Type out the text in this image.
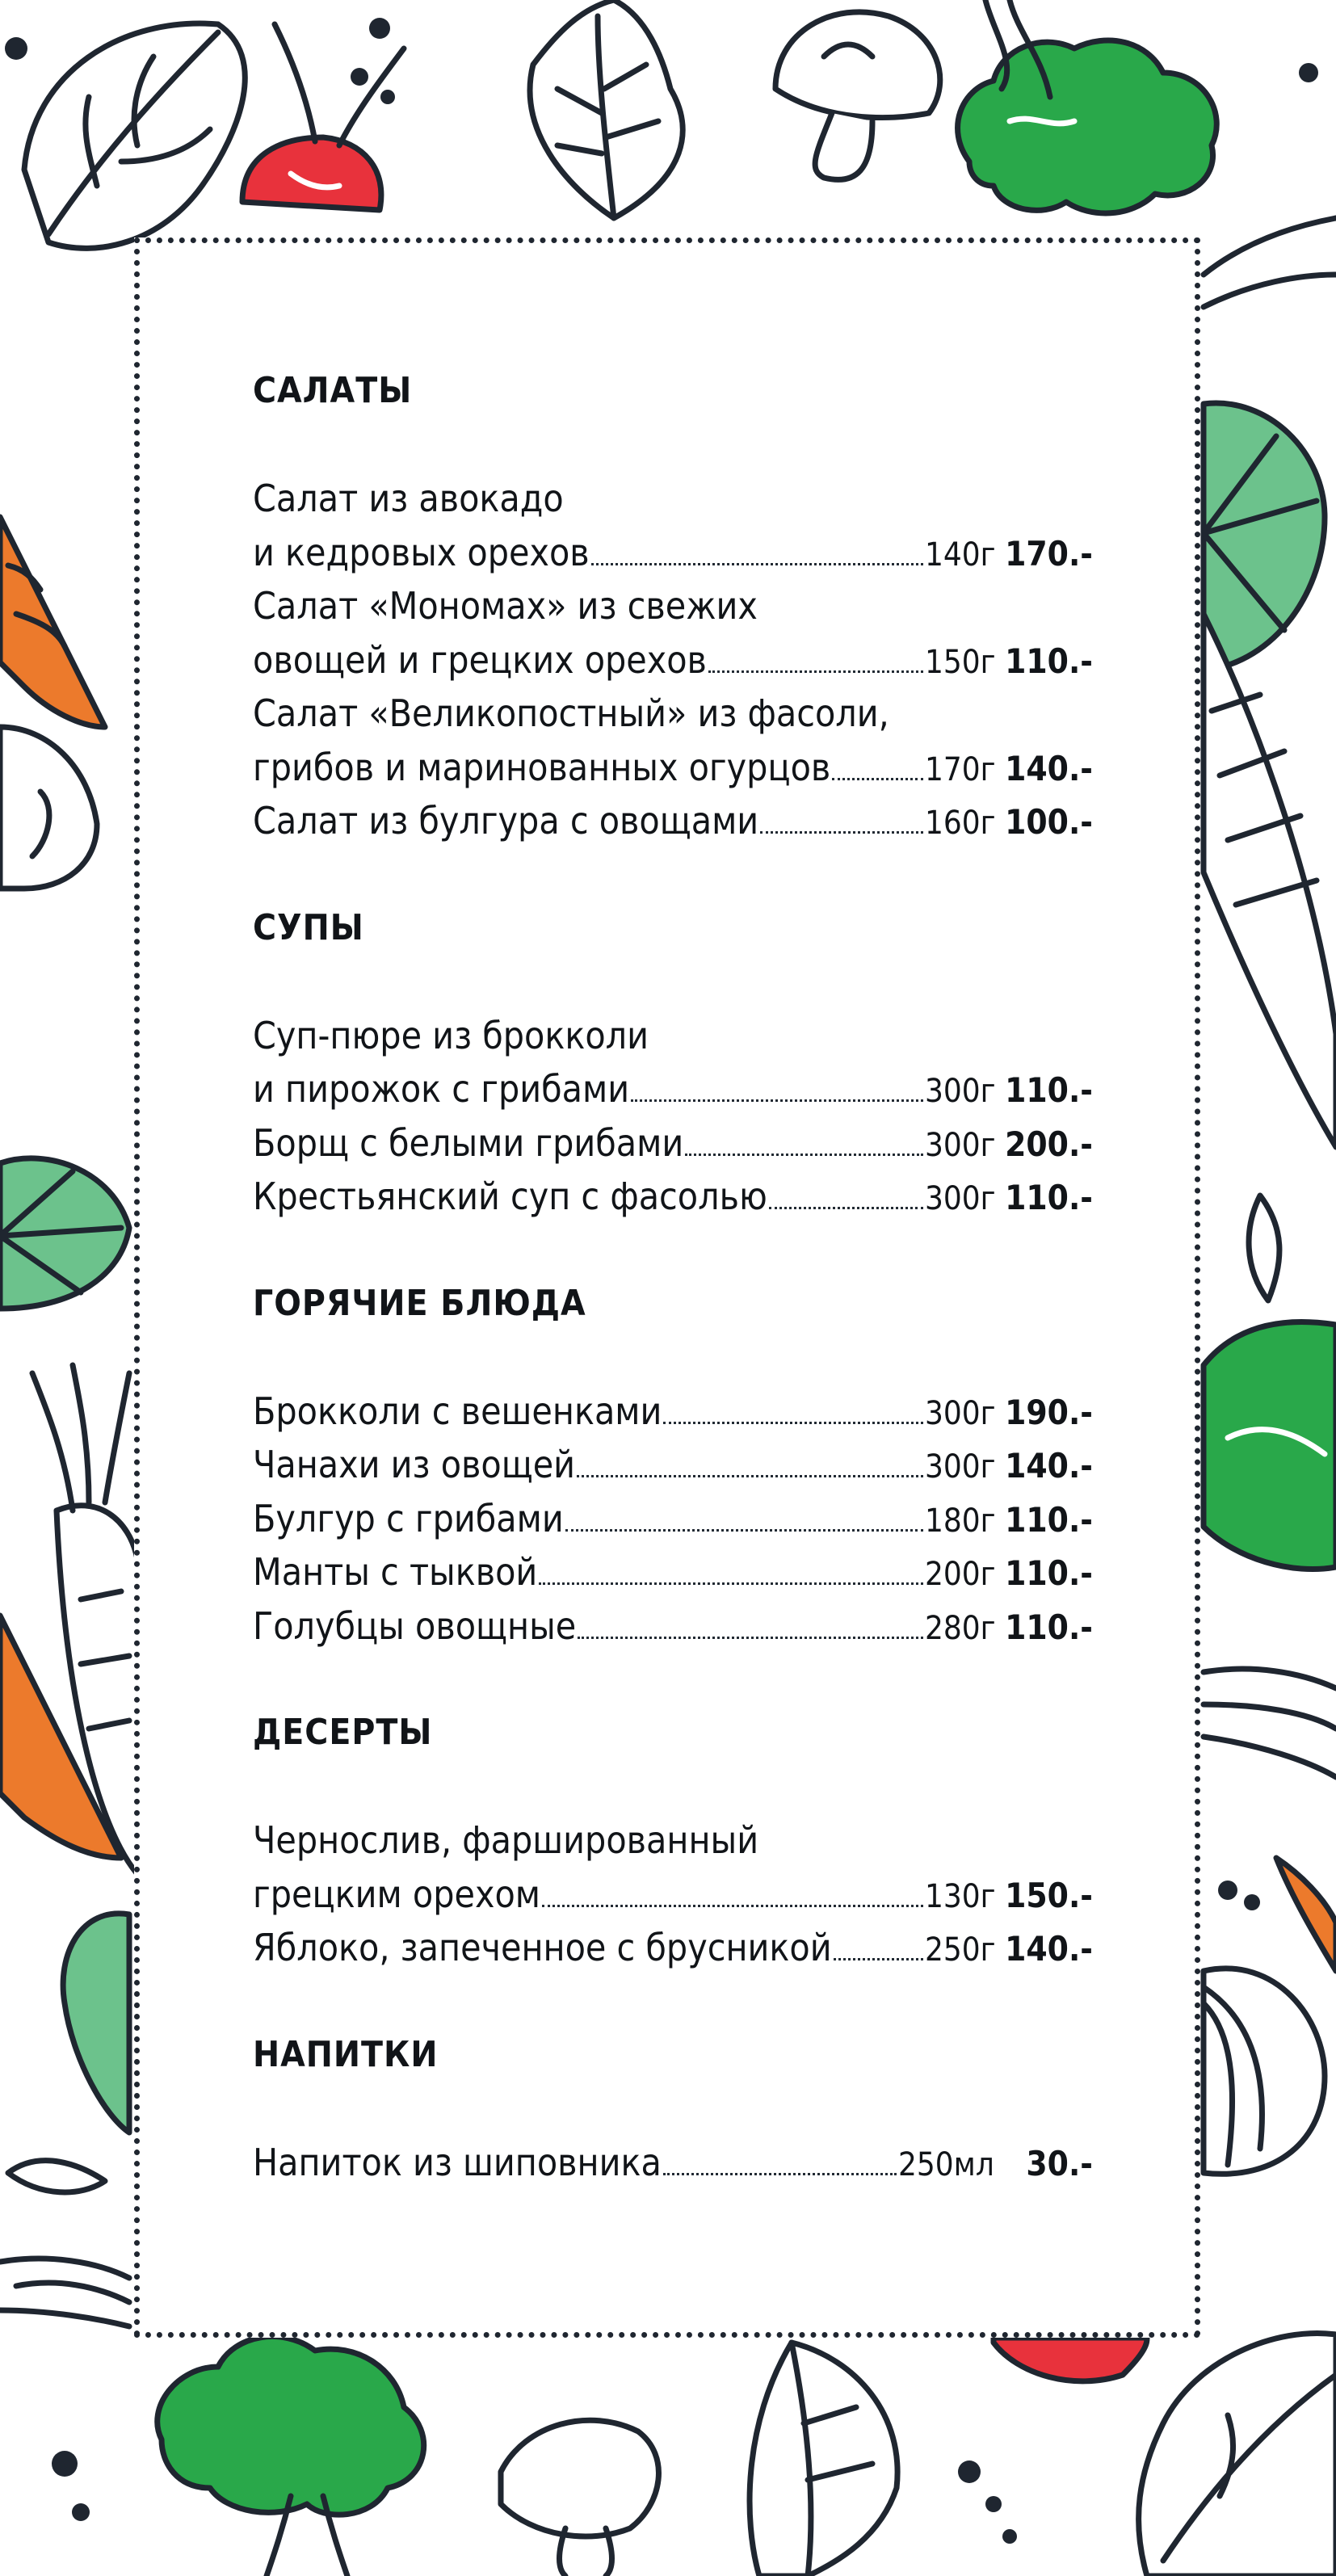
САЛАТЫ
Салат из авокадо
и кедровых орехов	140г 170.-
Салат «Мономах» из свежих
овощей и грецких орехов	150г 110.-
Салат «Великопостный» из фасоли,
грибов и маринованных огурцов	170г 140.-
Салат из булгура с овощами	160г 100.-
СУПЫ
Суп-пюре из брокколи
и пирожок с грибами	300г 110.-
Борщ с белыми грибами	300г 200.-
Крестьянский суп с фасолью	300г 110.-
ГОРЯЧИЕ БЛЮДА
Брокколи с вешенками	300г 190.-
Чанахи из овощей	300г 140.-
Булгур с грибами	180г 110.-
Манты с тыквой	200г 110.-
Голубцы овощные	280г 110.-
ДЕСЕРТЫ
Чернослив, фаршированный
грецким орехом	130г 150.-
Яблоко, запеченное с брусникой	250г 140.-
НАПИТКИ
Напиток из шиповника	250мл 30.-
